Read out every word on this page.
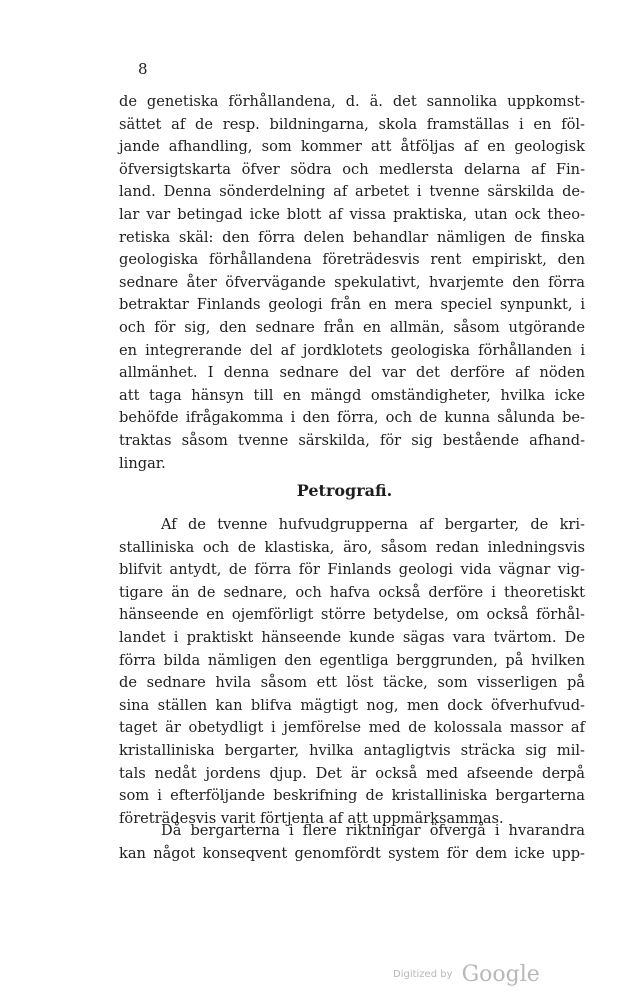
8
de genetiska förhållandena, d. ä. det sannolika uppkomst-
sättet af de resp. bildningarna, skola framställas i en föl-
jande afhandling, som kommer att åtföljas af en geologisk
öfversigtskarta öfver södra och medlersta delarna af Fin-
land. Denna sönderdelning af arbetet i tvenne särskilda de-
lar var betingad icke blott af vissa praktiska, utan ock theo-
retiska skäl: den förra delen behandlar nämligen de finska
geologiska förhållandena företrädesvis rent empiriskt, den
sednare åter öfvervägande spekulativt, hvarjemte den förra
betraktar Finlands geologi från en mera speciel synpunkt, i
och för sig, den sednare från en allmän, såsom utgörande
en integrerande del af jordklotets geologiska förhållanden i
allmänhet. I denna sednare del var det derföre af nöden
att taga hänsyn till en mängd omständigheter, hvilka icke
behöfde ifrågakomma i den förra, och de kunna sålunda be-
traktas såsom tvenne särskilda, för sig bestående afhand-
lingar.
Petrografi.
Af de tvenne hufvudgrupperna af bergarter, de kri-
stalliniska och de klastiska, äro, såsom redan inledningsvis
blifvit antydt, de förra för Finlands geologi vida vägnar vig-
tigare än de sednare, och hafva också derföre i theoretiskt
hänseende en ojemförligt större betydelse, om också förhål-
landet i praktiskt hänseende kunde sägas vara tvärtom. De
förra bilda nämligen den egentliga berggrunden, på hvilken
de sednare hvila såsom ett löst täcke, som visserligen på
sina ställen kan blifva mägtigt nog, men dock öfverhufvud-
taget är obetydligt i jemförelse med de kolossala massor af
kristalliniska bergarter, hvilka antagligtvis sträcka sig mil-
tals nedåt jordens djup. Det är också med afseende derpå
som i efterföljande beskrifning de kristalliniska bergarterna
företrädesvis varit förtjenta af att uppmärksammas.
Då bergarterna i flere riktningar öfvergå i hvarandra
kan något konseqvent genomfördt system för dem icke upp-
Digitized by Google
